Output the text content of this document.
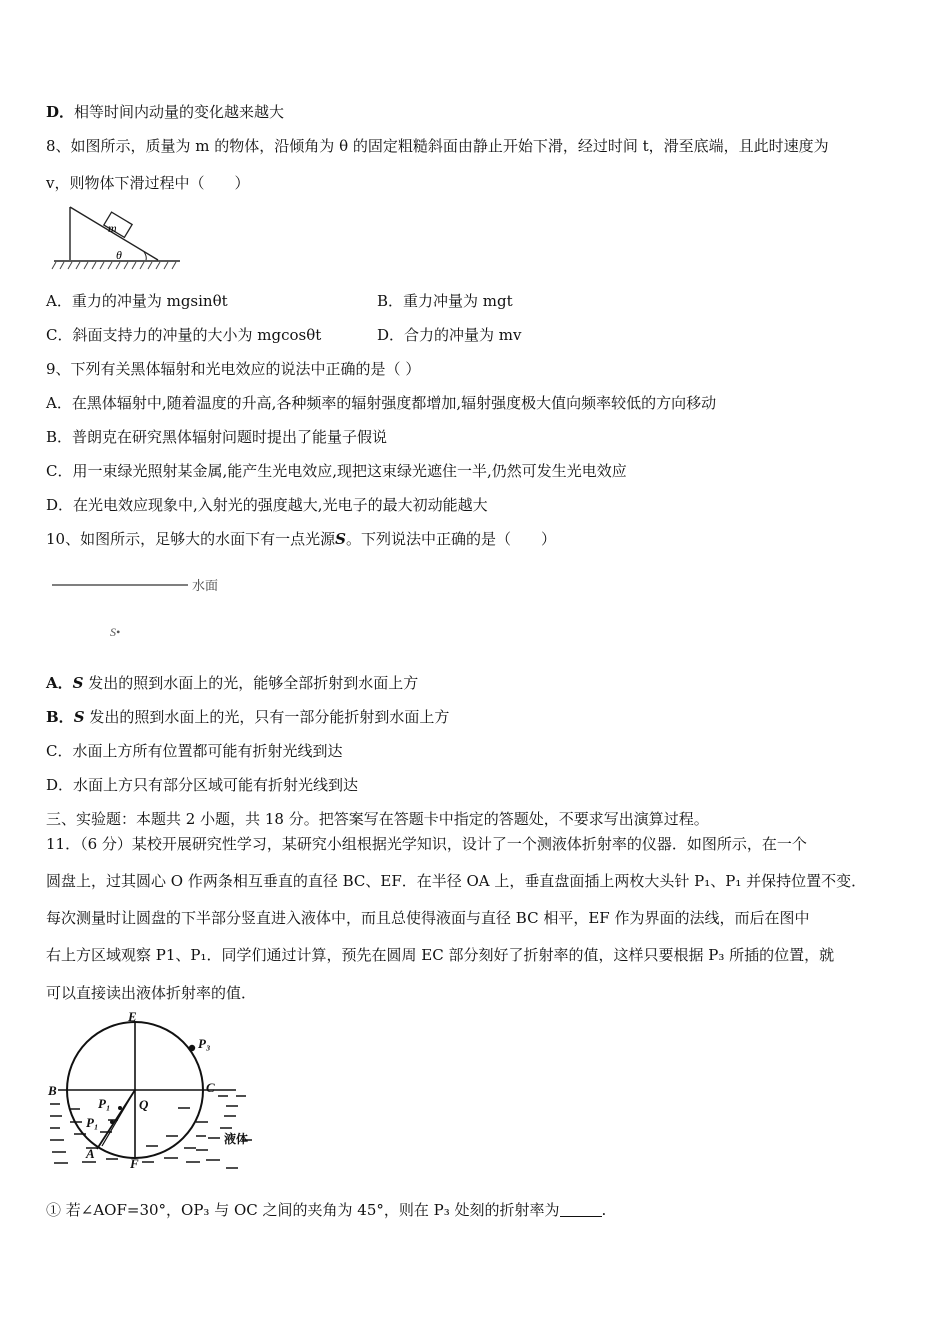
D．相等时间内动量的变化越来越大
8、如图所示，质量为 m 的物体，沿倾角为 θ 的固定粗糙斜面由静止开始下滑，经过时间 t，滑至底端，且此时速度为
v，则物体下滑过程中（　　）
m
θ
A．重力的冲量为 mgsinθt	B．重力冲量为 mgt
C．斜面支持力的冲量的大小为 mgcosθt	D．合力的冲量为 mv
9、下列有关黑体辐射和光电效应的说法中正确的是（ ）
A．在黑体辐射中,随着温度的升高,各种频率的辐射强度都增加,辐射强度极大值向频率较低的方向移动
B．普朗克在研究黑体辐射问题时提出了能量子假说
C．用一束绿光照射某金属,能产生光电效应,现把这束绿光遮住一半,仍然可发生光电效应
D．在光电效应现象中,入射光的强度越大,光电子的最大初动能越大
10、如图所示，足够大的水面下有一点光源S。下列说法中正确的是（　　）
水面
S•
A．S 发出的照到水面上的光，能够全部折射到水面上方
B．S 发出的照到水面上的光，只有一部分能折射到水面上方
C．水面上方所有位置都可能有折射光线到达
D．水面上方只有部分区域可能有折射光线到达
三、实验题：本题共 2 小题，共 18 分。把答案写在答题卡中指定的答题处，不要求写出演算过程。
11．（6 分）某校开展研究性学习，某研究小组根据光学知识，设计了一个测液体折射率的仪器．如图所示，在一个
圆盘上，过其圆心 O 作两条相互垂直的直径 BC、EF．在半径 OA 上，垂直盘面插上两枚大头针 P₁、P₁ 并保持位置不变．
每次测量时让圆盘的下半部分竖直进入液体中，而且总使得液面与直径 BC 相平，EF 作为界面的法线，而后在图中
右上方区域观察 P1、P₁．同学们通过计算，预先在圆周 EC 部分刻好了折射率的值，这样只要根据 P₃ 所插的位置，就
可以直接读出液体折射率的值．
E
P₃
B	C
Q
P₁
P₁
A
F
液体
① 若∠AOF=30°，OP₃ 与 OC 之间的夹角为 45°，则在 P₃ 处刻的折射率为	.
